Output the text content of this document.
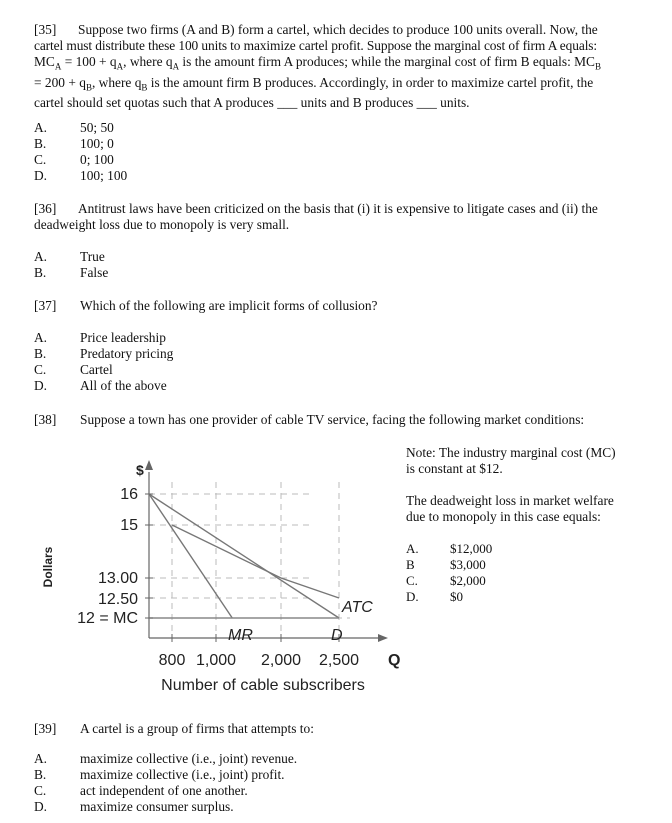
[35] Suppose two firms (A and B) form a cartel, which decides to produce 100 units overall. Now, the
cartel must distribute these 100 units to maximize cartel profit. Suppose the marginal cost of firm A equals:
$MC_A = 100 + q_A$, where $q_A$ is the amount firm A produces; while the marginal cost of firm B equals: $MC_B$
= $200 + q_B$, where $q_B$ is the amount firm B produces. Accordingly, in order to maximize cartel profit, the
cartel should set quotas such that A produces ___ units and B produces ___ units.
A. 50; 50
B.	100; 0
C.	0; 100
D. 100; 100
[36] Antitrust laws have been criticized on the basis that (i) it is expensive to litigate cases and (ii) the
deadweight loss due to monopoly is very small.
A. True
B.	False
[37] Which of the following are implicit forms of collusion?
A. Price leadership
B.	Predatory pricing
C.	Cartel
D. All of the above
[38] Suppose a town has one provider of cable TV service, facing the following market conditions:
Note: The industry marginal cost (MC)
is constant at $12.
The deadweight loss in market welfare
due to monopoly in this case equals:
A. $12,000
B	$3,000
C. $2,000
D. $0
$
Dollars
16
15
13.00
12.50
12 = MC
800 1,000 2,000 2,500 Q
Number of cable subscribers
ATC
MR	D
[39] A cartel is a group of firms that attempts to:
A. maximize collective (i.e., joint) revenue.
B.	maximize collective (i.e., joint) profit.
C.	act independent of one another.
D. maximize consumer surplus.
